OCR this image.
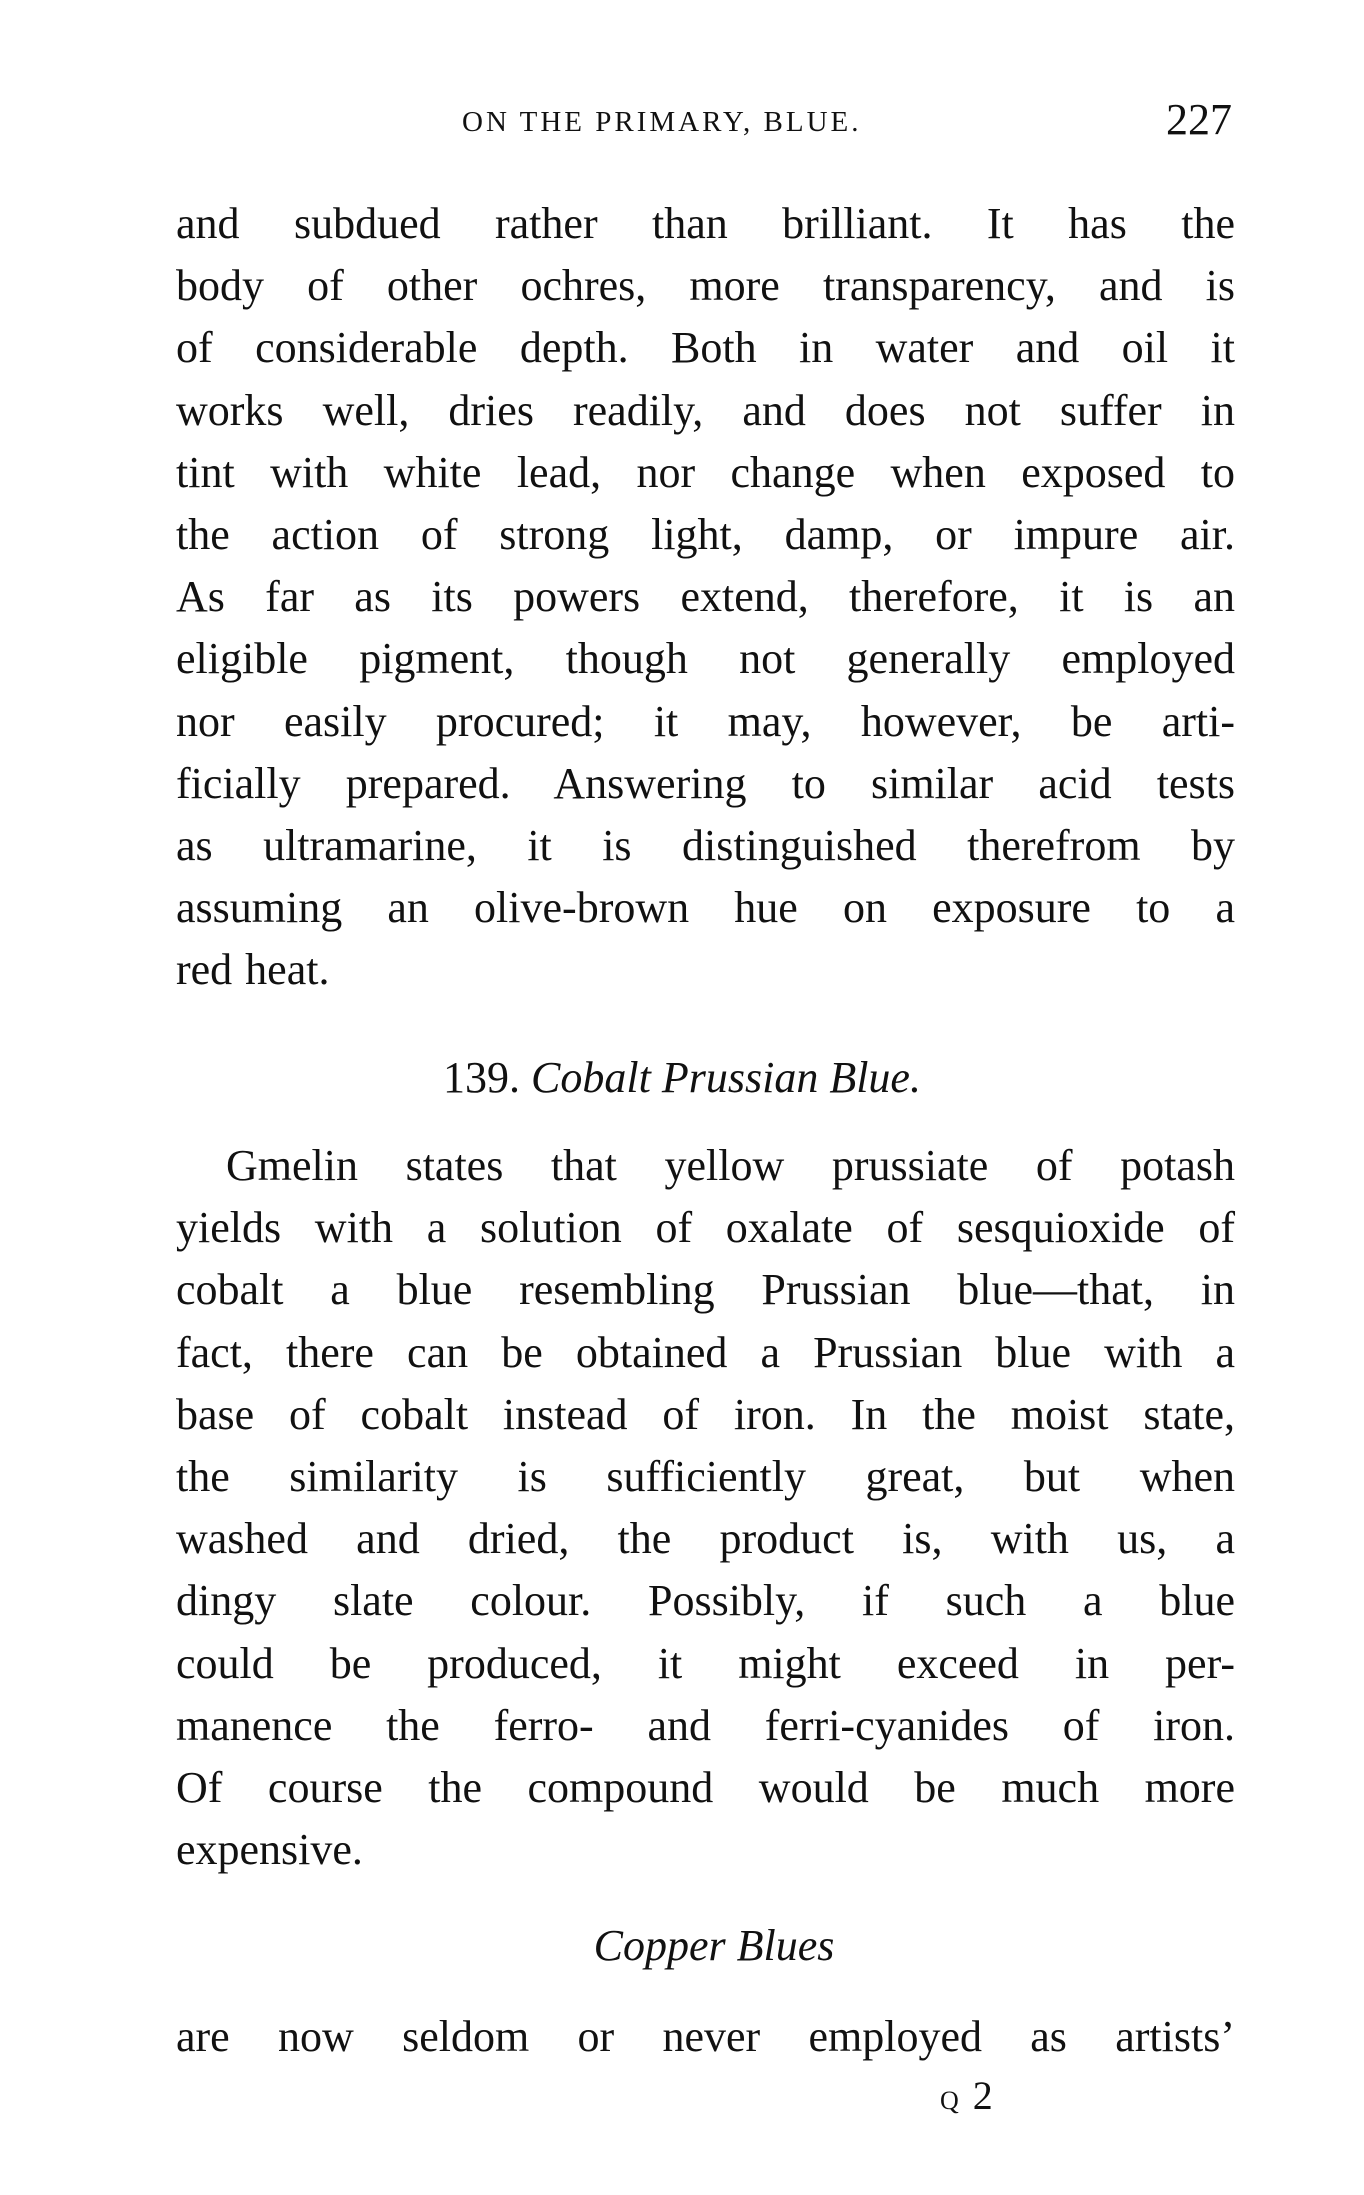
ON THE PRIMARY, BLUE.	227
and subdued rather than brilliant. It has the
body of other ochres, more transparency, and is
of considerable depth. Both in water and oil it
works well, dries readily, and does not suffer in
tint with white lead, nor change when exposed to
the action of strong light, damp, or impure air.
As far as its powers extend, therefore, it is an
eligible pigment, though not generally employed
nor easily procured; it may, however, be arti-
ficially prepared. Answering to similar acid tests
as ultramarine, it is distinguished therefrom by
assuming an olive-brown hue on exposure to a
red heat.
139. Cobalt Prussian Blue.
Gmelin states that yellow prussiate of potash
yields with a solution of oxalate of sesquioxide of
cobalt a blue resembling Prussian blue—that, in
fact, there can be obtained a Prussian blue with a
base of cobalt instead of iron. In the moist state,
the similarity is sufficiently great, but when
washed and dried, the product is, with us, a
dingy slate colour. Possibly, if such a blue
could be produced, it might exceed in per-
manence the ferro- and ferri-cyanides of iron.
Of course the compound would be much more
expensive.
Copper Blues
are now seldom or never employed as artists’
Q 2
